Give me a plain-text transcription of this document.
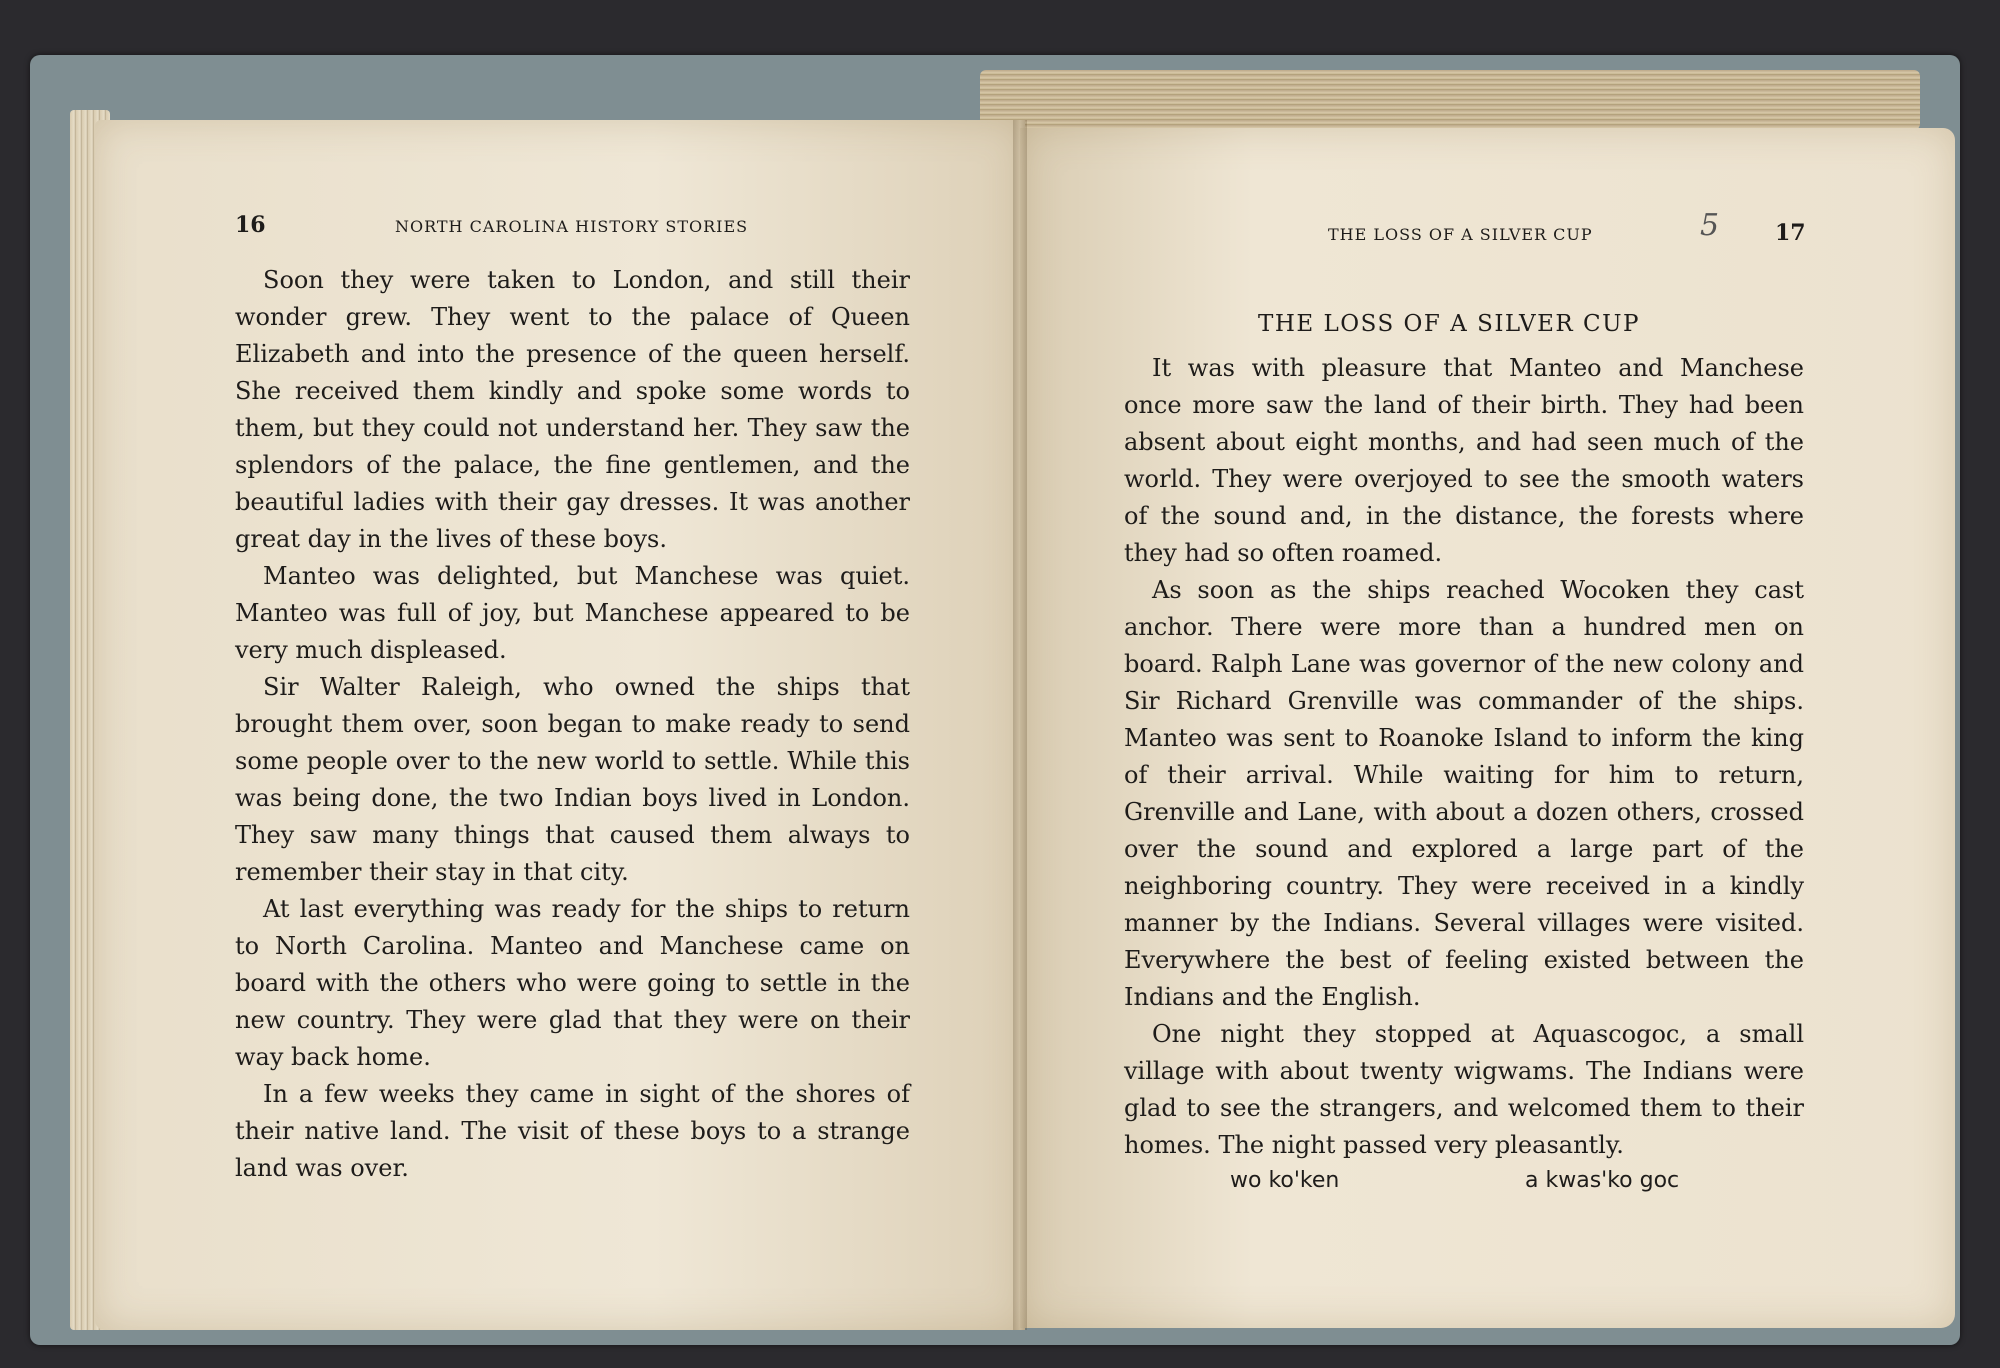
16	NORTH CAROLINA HISTORY STORIES

Soon they were taken to London, and still their wonder grew. They went to the palace of Queen Elizabeth and into the presence of the queen herself. She received them kindly and spoke some words to them, but they could not understand her. They saw the splendors of the palace, the fine gentlemen, and the beautiful ladies with their gay dresses. It was another great day in the lives of these boys.

Manteo was delighted, but Manchese was quiet. Manteo was full of joy, but Manchese appeared to be very much displeased.

Sir Walter Raleigh, who owned the ships that brought them over, soon began to make ready to send some people over to the new world to settle. While this was being done, the two Indian boys lived in London. They saw many things that caused them always to remember their stay in that city.

At last everything was ready for the ships to return to North Carolina. Manteo and Manchese came on board with the others who were going to settle in the new country. They were glad that they were on their way back home.

In a few weeks they came in sight of the shores of their native land. The visit of these boys to a strange land was over.

THE LOSS OF A SILVER CUP	5	17
THE LOSS OF A SILVER CUP

It was with pleasure that Manteo and Manchese once more saw the land of their birth. They had been absent about eight months, and had seen much of the world. They were overjoyed to see the smooth waters of the sound and, in the distance, the forests where they had so often roamed.

As soon as the ships reached Wocoken they cast anchor. There were more than a hundred men on board. Ralph Lane was governor of the new colony and Sir Richard Grenville was commander of the ships. Manteo was sent to Roanoke Island to inform the king of their arrival. While waiting for him to return, Grenville and Lane, with about a dozen others, crossed over the sound and explored a large part of the neighboring country. They were received in a kindly manner by the Indians. Several villages were visited. Everywhere the best of feeling existed between the Indians and the English.

One night they stopped at Aquascogoc, a small village with about twenty wigwams. The Indians were glad to see the strangers, and welcomed them to their homes. The night passed very pleasantly.

wo ko'ken	a kwas'ko goc
